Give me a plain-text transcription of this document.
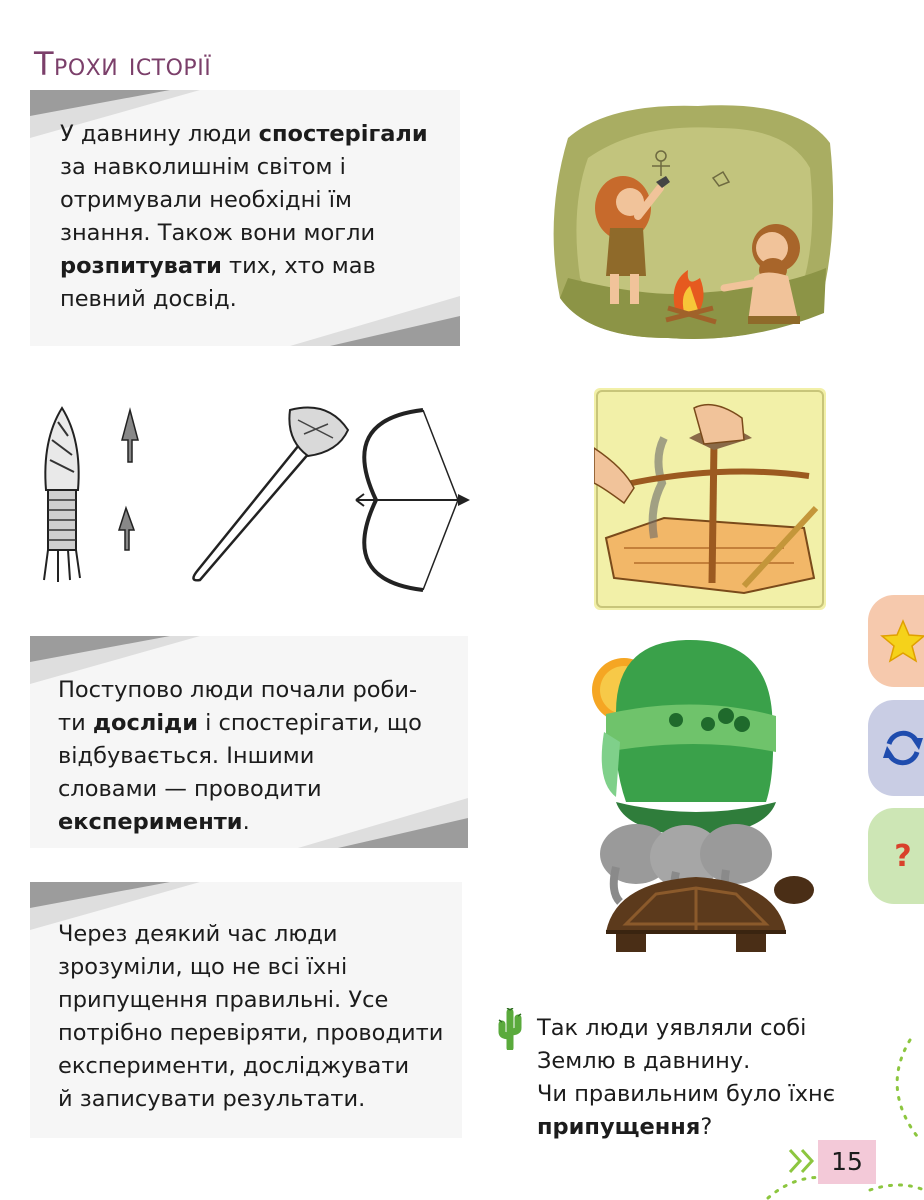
Трохи історії

У давнину люди спостерігали

за навколишнім світом і

отримували необхідні їм

знання. Також вони могли

розпитувати тих, хто мав

певний досвід.

Поступово люди почали роби-

ти досліди і спостерігати, що

відбувається. Іншими

словами — проводити

експерименти.

Через деякий час люди

зрозуміли, що не всі їхні

припущення правильні. Усе

потрібно перевіряти, проводити

експерименти, досліджувати

й записувати результати.

?
Так люди уявляли собі
Землю в давнину.
Чи правильним було їхнє
припущення?
15
